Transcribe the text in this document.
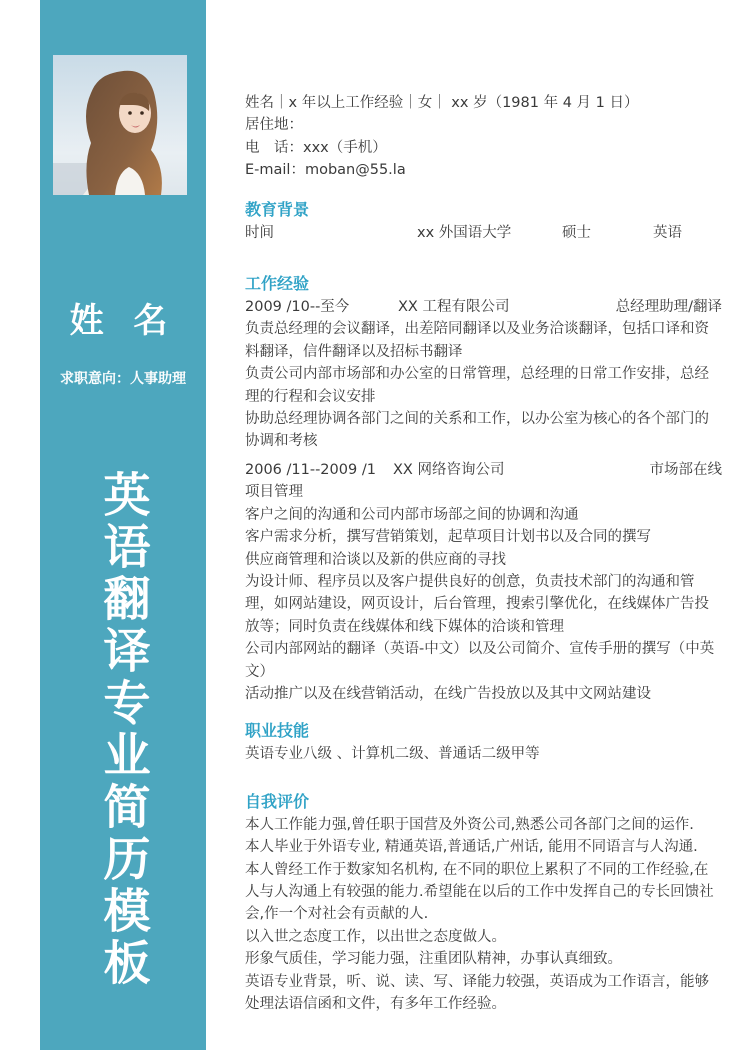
姓 名
求职意向：人事助理
英语翻译专业简历模板
姓名｜x 年以上工作经验｜女｜ xx 岁（1981 年 4 月 1 日）
居住地：
电　话：xxx（手机）
E-mail：moban@55.la
教育背景
时间	xx 外国语大学	硕士	英语
工作经验
2009 /10--至今	XX 工程有限公司	总经理助理/翻译
负责总经理的会议翻译，出差陪同翻译以及业务洽谈翻译，包括口译和资料翻译，信件翻译以及招标书翻译
负责公司内部市场部和办公室的日常管理，总经理的日常工作安排，总经理的行程和会议安排
协助总经理协调各部门之间的关系和工作，以办公室为核心的各个部门的协调和考核
2006 /11--2009 /1	XX 网络咨询公司	市场部在线
项目管理
客户之间的沟通和公司内部市场部之间的协调和沟通
客户需求分析，撰写营销策划，起草项目计划书以及合同的撰写
供应商管理和洽谈以及新的供应商的寻找
为设计师、程序员以及客户提供良好的创意，负责技术部门的沟通和管理，如网站建设，网页设计，后台管理，搜索引擎优化，在线媒体广告投放等；同时负责在线媒体和线下媒体的洽谈和管理
公司内部网站的翻译（英语-中文）以及公司简介、宣传手册的撰写（中英文）
活动推广以及在线营销活动，在线广告投放以及其中文网站建设
职业技能
英语专业八级 、计算机二级、普通话二级甲等
自我评价

本人工作能力强,曾任职于国营及外资公司,熟悉公司各部门之间的运作.

本人毕业于外语专业, 精通英语,普通话,广州话, 能用不同语言与人沟通.

本人曾经工作于数家知名机构, 在不同的职位上累积了不同的工作经验,在人与人沟通上有较强的能力.希望能在以后的工作中发挥自己的专长回馈社会,作一个对社会有贡献的人.

以入世之态度工作，以出世之态度做人。

形象气质佳，学习能力强，注重团队精神，办事认真细致。

英语专业背景，听、说、读、写、译能力较强，英语成为工作语言，能够处理法语信函和文件，有多年工作经验。
